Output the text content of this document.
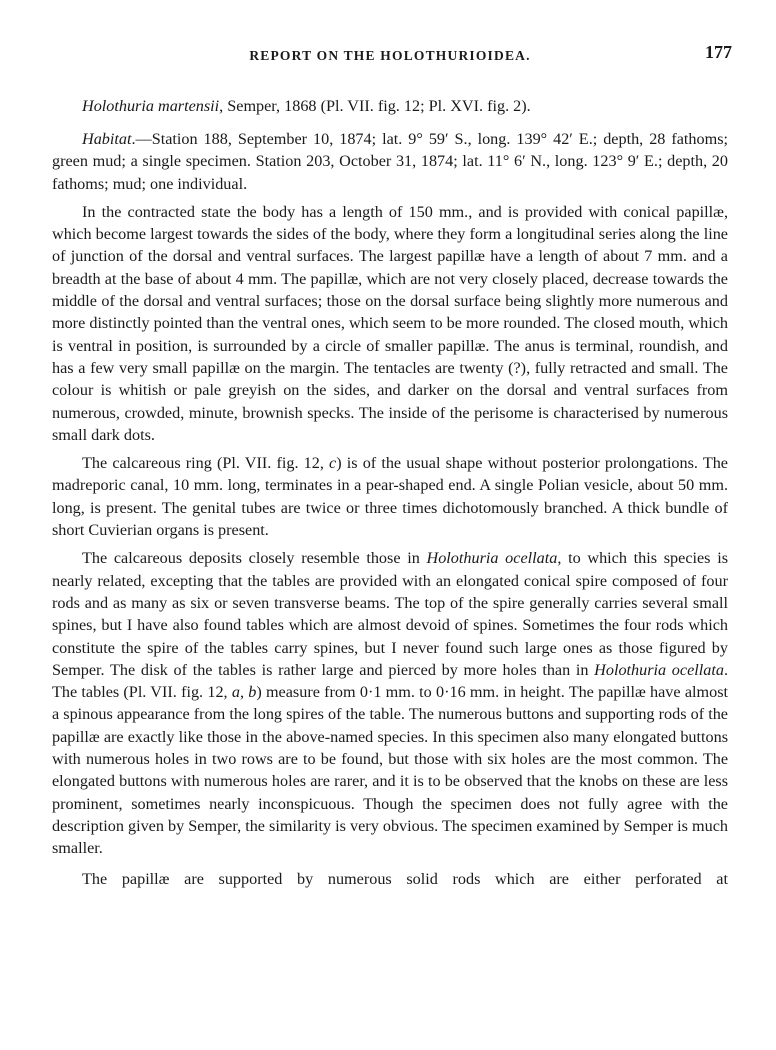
REPORT ON THE HOLOTHURIOIDEA.	177

Holothuria martensii, Semper, 1868 (Pl. VII. fig. 12; Pl. XVI. fig. 2).

Habitat.—Station 188, September 10, 1874; lat. 9° 59′ S., long. 139° 42′ E.; depth, 28 fathoms; green mud; a single specimen. Station 203, October 31, 1874; lat. 11° 6′ N., long. 123° 9′ E.; depth, 20 fathoms; mud; one individual.

In the contracted state the body has a length of 150 mm., and is provided with conical papillæ, which become largest towards the sides of the body, where they form a longitudinal series along the line of junction of the dorsal and ventral surfaces. The largest papillæ have a length of about 7 mm. and a breadth at the base of about 4 mm. The papillæ, which are not very closely placed, decrease towards the middle of the dorsal and ventral surfaces; those on the dorsal surface being slightly more numerous and more distinctly pointed than the ventral ones, which seem to be more rounded. The closed mouth, which is ventral in position, is surrounded by a circle of smaller papillæ. The anus is terminal, roundish, and has a few very small papillæ on the margin. The tentacles are twenty (?), fully retracted and small. The colour is whitish or pale greyish on the sides, and darker on the dorsal and ventral surfaces from numerous, crowded, minute, brownish specks. The inside of the perisome is characterised by numerous small dark dots.

The calcareous ring (Pl. VII. fig. 12, c) is of the usual shape without posterior prolongations. The madreporic canal, 10 mm. long, terminates in a pear-shaped end. A single Polian vesicle, about 50 mm. long, is present. The genital tubes are twice or three times dichotomously branched. A thick bundle of short Cuvierian organs is present.

The calcareous deposits closely resemble those in Holothuria ocellata, to which this species is nearly related, excepting that the tables are provided with an elongated conical spire composed of four rods and as many as six or seven transverse beams. The top of the spire generally carries several small spines, but I have also found tables which are almost devoid of spines. Sometimes the four rods which constitute the spire of the tables carry spines, but I never found such large ones as those figured by Semper. The disk of the tables is rather large and pierced by more holes than in Holothuria ocellata. The tables (Pl. VII. fig. 12, a, b) measure from 0·1 mm. to 0·16 mm. in height. The papillæ have almost a spinous appearance from the long spires of the table. The numerous buttons and supporting rods of the papillæ are exactly like those in the above-named species. In this specimen also many elongated buttons with numerous holes in two rows are to be found, but those with six holes are the most common. The elongated buttons with numerous holes are rarer, and it is to be observed that the knobs on these are less prominent, sometimes nearly inconspicuous. Though the specimen does not fully agree with the description given by Semper, the similarity is very obvious. The specimen examined by Semper is much smaller.

The papillæ are supported by numerous solid rods which are either perforated at
